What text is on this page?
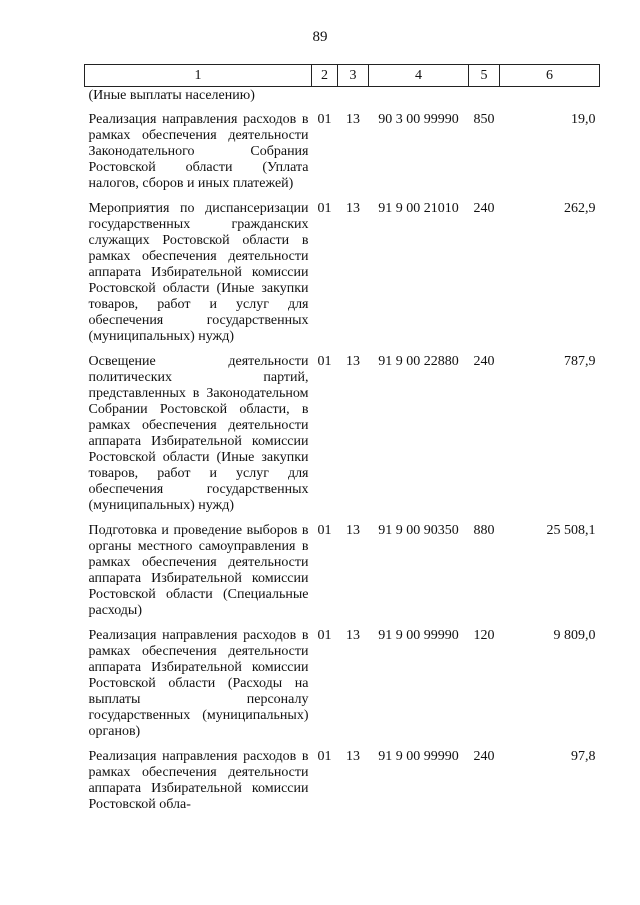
89
1	2	3	4	5	6
(Иные выплаты населению)					
Реализация направления расходов в рамках обеспечения деятельности Законодательного Собрания Ростовской области (Уплата налогов, сборов и иных платежей)	01	13	90 3 00 99990	850	19,0
Мероприятия по диспансеризации государственных гражданских служащих Ростовской области в рамках обеспечения деятельности аппарата Избирательной комиссии Ростовской области (Иные закупки товаров, работ и услуг для обеспечения государственных (муниципальных) нужд)	01	13	91 9 00 21010	240	262,9
Освещение деятельности политических партий, представленных в Законодательном Собрании Ростовской области, в рамках обеспечения деятельности аппарата Избирательной комиссии Ростовской области (Иные закупки товаров, работ и услуг для обеспечения государственных (муниципальных) нужд)	01	13	91 9 00 22880	240	787,9
Подготовка и проведение выборов в органы местного самоуправления в рамках обеспечения деятельности аппарата Избирательной комиссии Ростовской области (Специальные расходы)	01	13	91 9 00 90350	880	25 508,1
Реализация направления расходов в рамках обеспечения деятельности аппарата Избирательной комиссии Ростовской области (Расходы на выплаты персоналу государственных (муниципальных) органов)	01	13	91 9 00 99990	120	9 809,0
Реализация направления расходов в рамках обеспечения деятельности аппарата Избирательной комиссии Ростовской обла-	01	13	91 9 00 99990	240	97,8
